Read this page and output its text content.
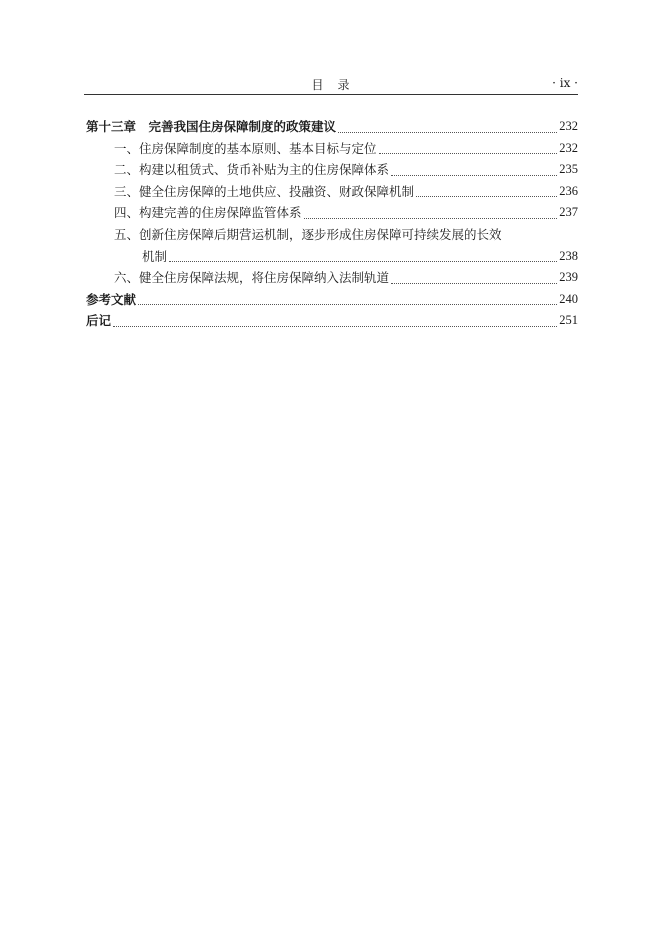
目　录	· ix ·
第十三章　完善我国住房保障制度的政策建议	232
一、住房保障制度的基本原则、基本目标与定位	232
二、构建以租赁式、货币补贴为主的住房保障体系	235
三、健全住房保障的土地供应、投融资、财政保障机制	236
四、构建完善的住房保障监管体系	237
五、创新住房保障后期营运机制，逐步形成住房保障可持续发展的长效
机制	238
六、健全住房保障法规，将住房保障纳入法制轨道	239
参考文献	240
后记	251
